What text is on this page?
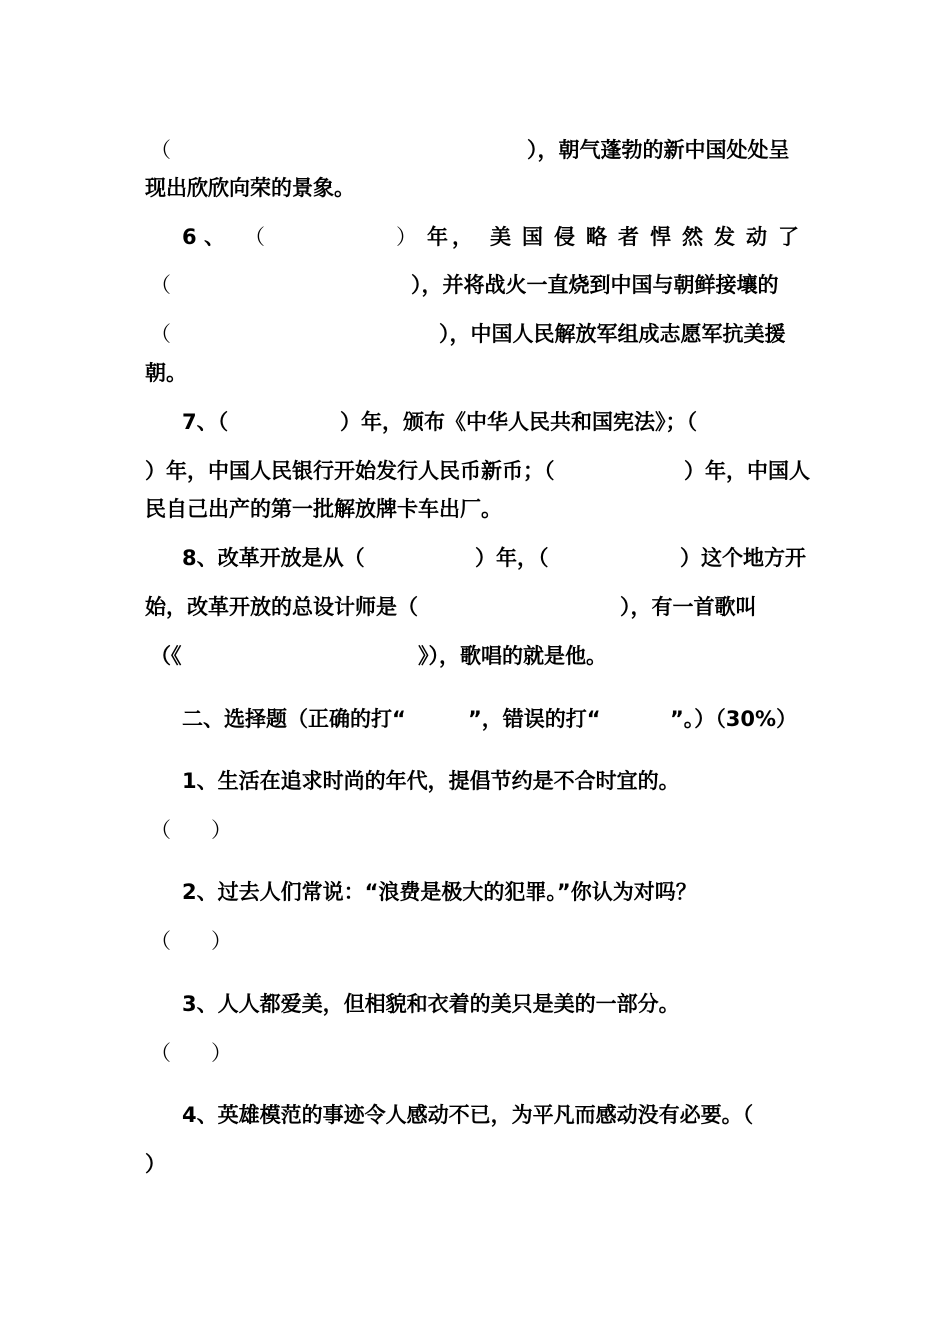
（

	），朝气蓬勃的新中国处处呈

现出欣欣向荣的景象。

6

、

（

	）

年

，

美

国

侵

略

者

悍

然

发

动

了

（

	），并将战火一直烧到中国与朝鲜接壤的

（

	），中国人民解放军组成志愿军抗美援

朝。

7、（

	）年，颁布《中华人民共和国宪法》；（

）年，中国人民银行开始发行人民币新币；（

	）年，中国人

民自己出产的第一批解放牌卡车出厂。

8、改革开放是从（

	）年，（

	）这个地方开

始，改革开放的总设计师是（

	），有一首歌叫

（《

	》），歌唱的就是他。

二、选择题（正确的打“

	”，错误的打“

	”。）（30%）

1、生活在追求时尚的年代，提倡节约是不合时宜的。

（      ）

2、过去人们常说：“浪费是极大的犯罪。”你认为对吗？

（      ）

3、人人都爱美，但相貌和衣着的美只是美的一部分。

（      ）

4、英雄模范的事迹令人感动不已，为平凡而感动没有必要。（

）
